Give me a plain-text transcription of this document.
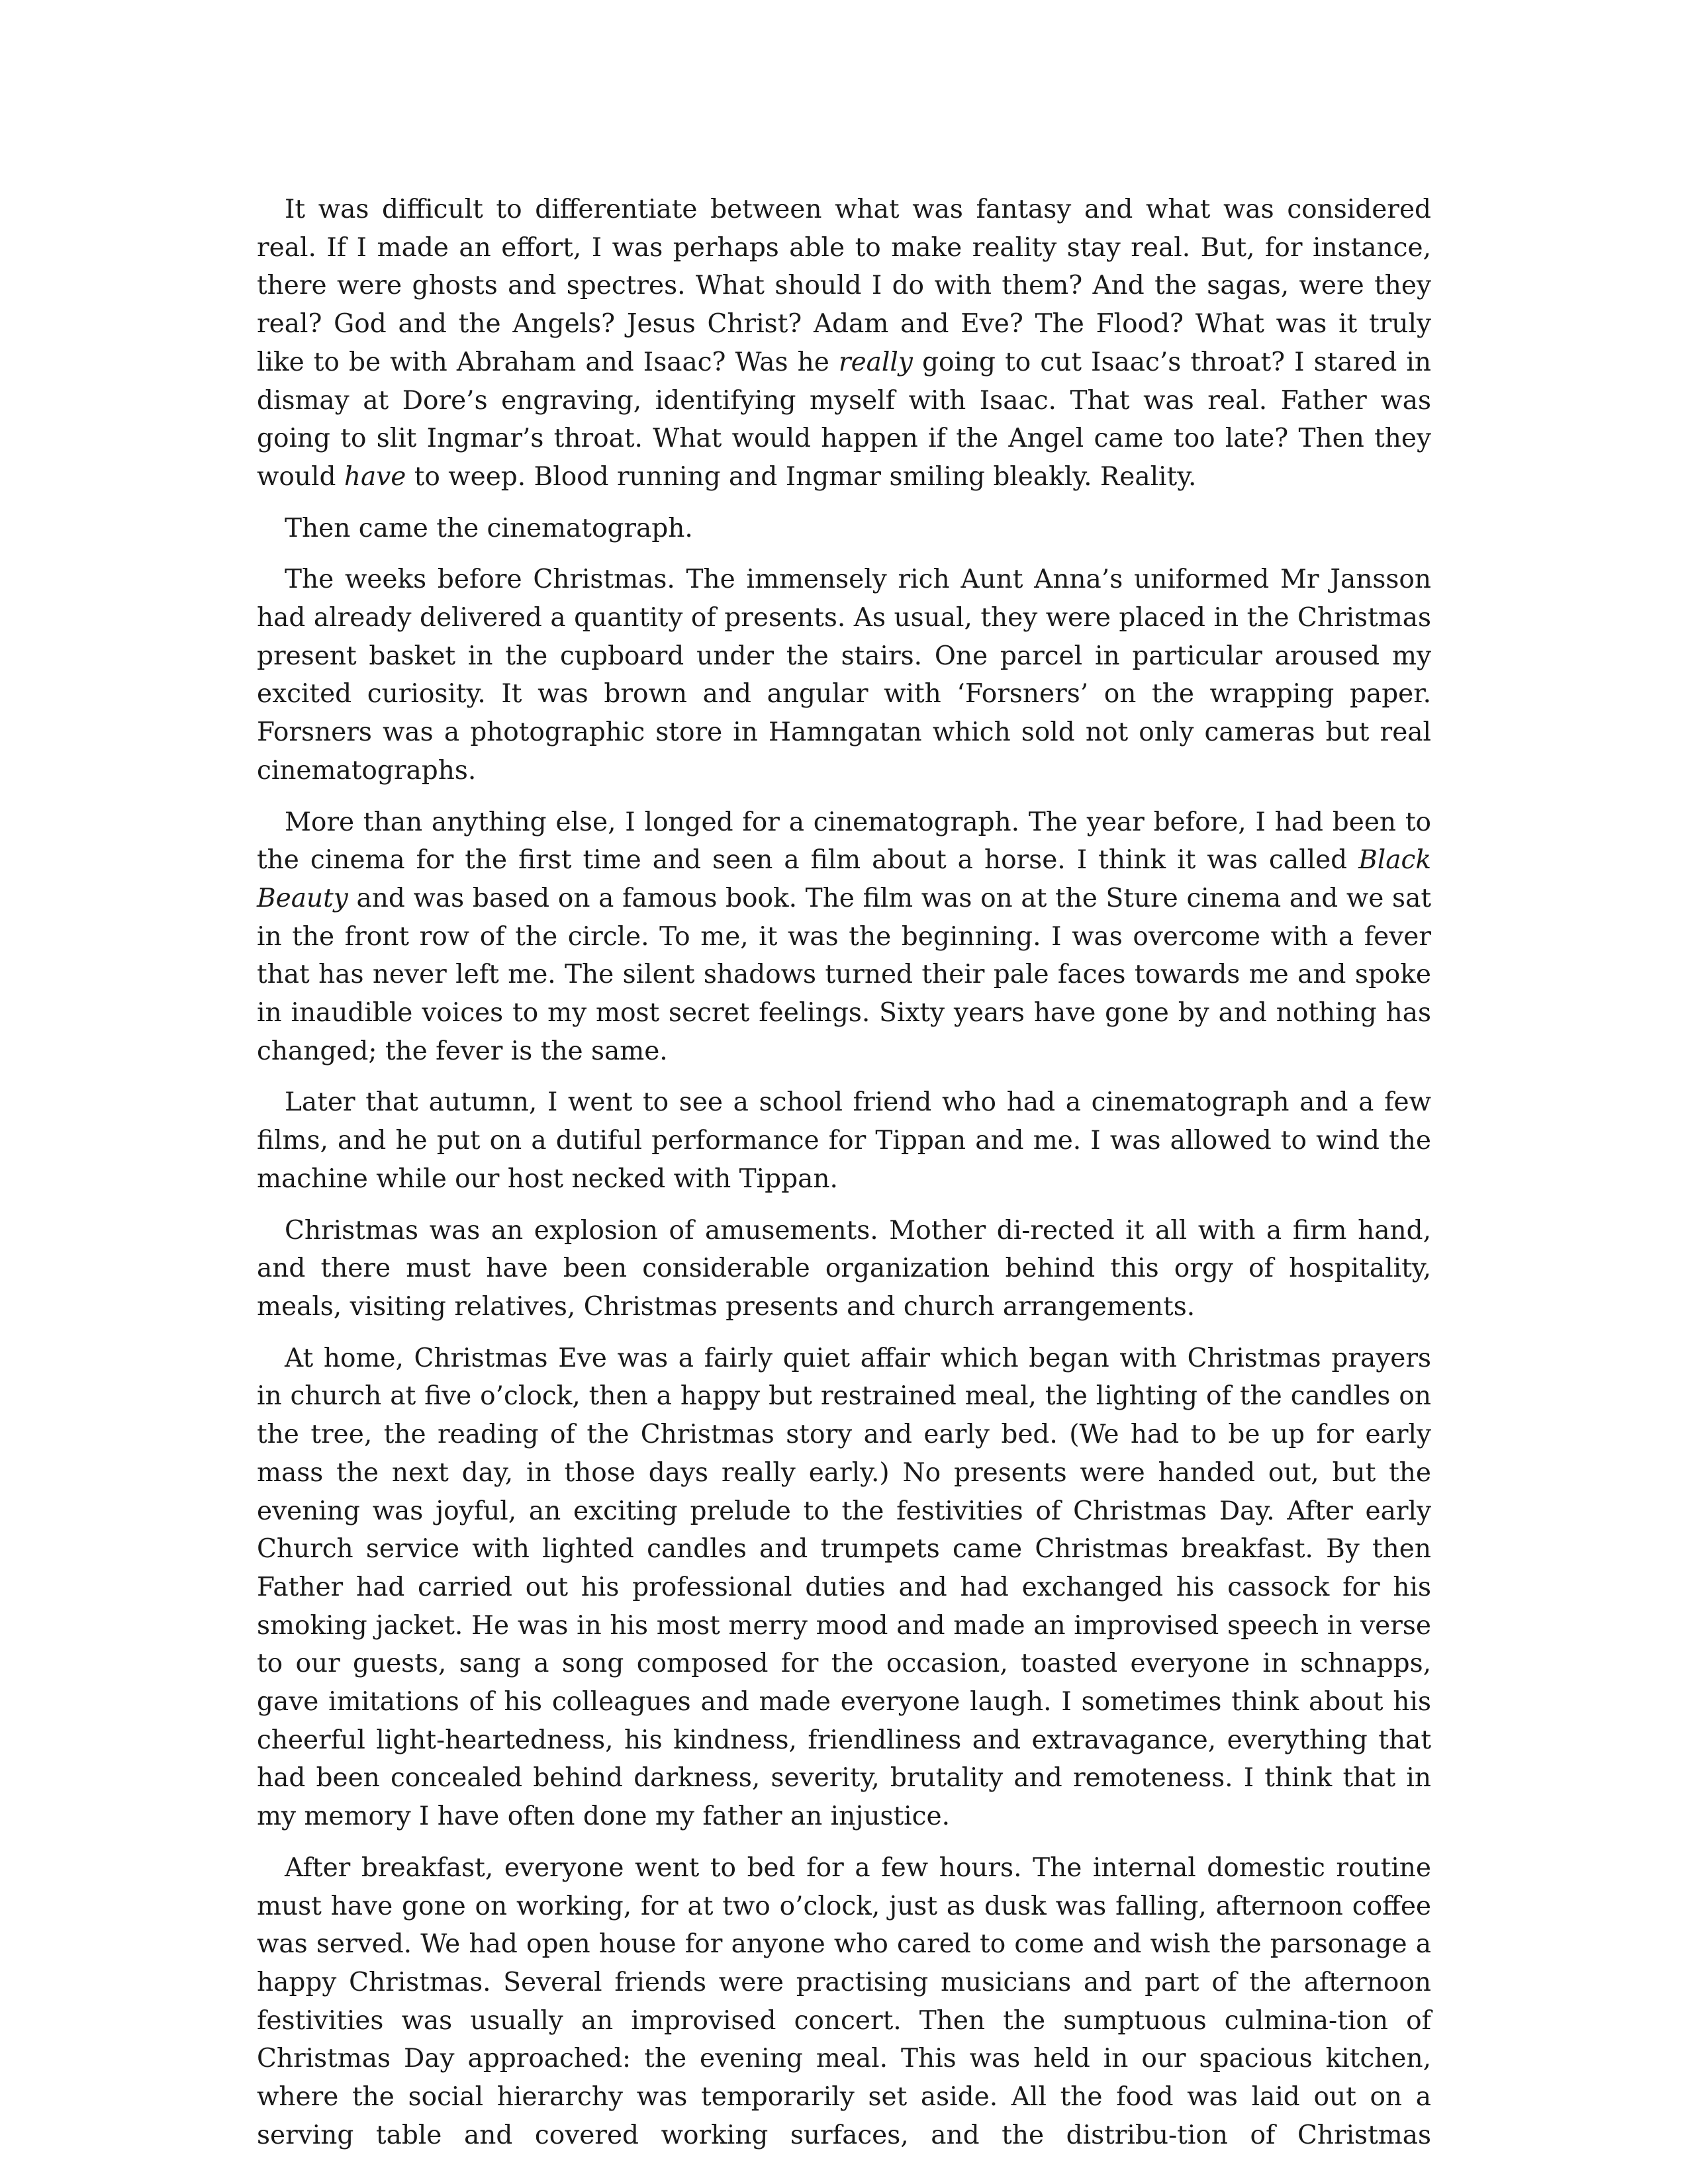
It was difficult to differentiate between what was fantasy and what was considered real. If I made an effort, I was perhaps able to make reality stay real. But, for instance, there were ghosts and spectres. What should I do with them? And the sagas, were they real? God and the Angels? Jesus Christ? Adam and Eve? The Flood? What was it truly like to be with Abraham and Isaac? Was he really going to cut Isaac’s throat? I stared in dismay at Dore’s engraving, identifying myself with Isaac. That was real. Father was going to slit Ingmar’s throat. What would happen if the Angel came too late? Then they would have to weep. Blood running and Ingmar smiling bleakly. Reality.

Then came the cinematograph.

The weeks before Christmas. The immensely rich Aunt Anna’s uniformed Mr Jansson had already delivered a quantity of presents. As usual, they were placed in the Christmas present basket in the cupboard under the stairs. One parcel in particular aroused my excited curiosity. It was brown and angular with ‘Forsners’ on the wrapping paper. Forsners was a photographic store in Hamngatan which sold not only cameras but real cinematographs.

More than anything else, I longed for a cinematograph. The year before, I had been to the cinema for the first time and seen a film about a horse. I think it was called Black Beauty and was based on a famous book. The film was on at the Sture cinema and we sat in the front row of the circle. To me, it was the beginning. I was overcome with a fever that has never left me. The silent shadows turned their pale faces towards me and spoke in inaudible voices to my most secret feelings. Sixty years have gone by and nothing has changed; the fever is the same.

Later that autumn, I went to see a school friend who had a cinematograph and a few films, and he put on a dutiful performance for Tippan and me. I was allowed to wind the machine while our host necked with Tippan.

Christmas was an explosion of amusements. Mother di-rected it all with a firm hand, and there must have been considerable organization behind this orgy of hospitality, meals, visiting relatives, Christmas presents and church arrangements.

At home, Christmas Eve was a fairly quiet affair which began with Christmas prayers in church at five o’clock, then a happy but restrained meal, the lighting of the candles on the tree, the reading of the Christmas story and early bed. (We had to be up for early mass the next day, in those days really early.) No presents were handed out, but the evening was joyful, an exciting prelude to the festivities of Christmas Day. After early Church service with lighted candles and trumpets came Christmas breakfast. By then Father had carried out his professional duties and had exchanged his cassock for his smoking jacket. He was in his most merry mood and made an improvised speech in verse to our guests, sang a song composed for the occasion, toasted everyone in schnapps, gave imitations of his colleagues and made everyone laugh. I sometimes think about his cheerful light-heartedness, his kindness, friendliness and extravagance, everything that had been concealed behind darkness, severity, brutality and remoteness. I think that in my memory I have often done my father an injustice.

After breakfast, everyone went to bed for a few hours. The internal domestic routine must have gone on working, for at two o’clock, just as dusk was falling, afternoon coffee was served. We had open house for anyone who cared to come and wish the parsonage a happy Christmas. Several friends were practising musicians and part of the afternoon festivities was usually an improvised concert. Then the sumptuous culmina-tion of Christmas Day approached: the evening meal. This was held in our spacious kitchen, where the social hierarchy was temporarily set aside. All the food was laid out on a serving table and covered working surfaces, and the distribu-tion of Christmas
